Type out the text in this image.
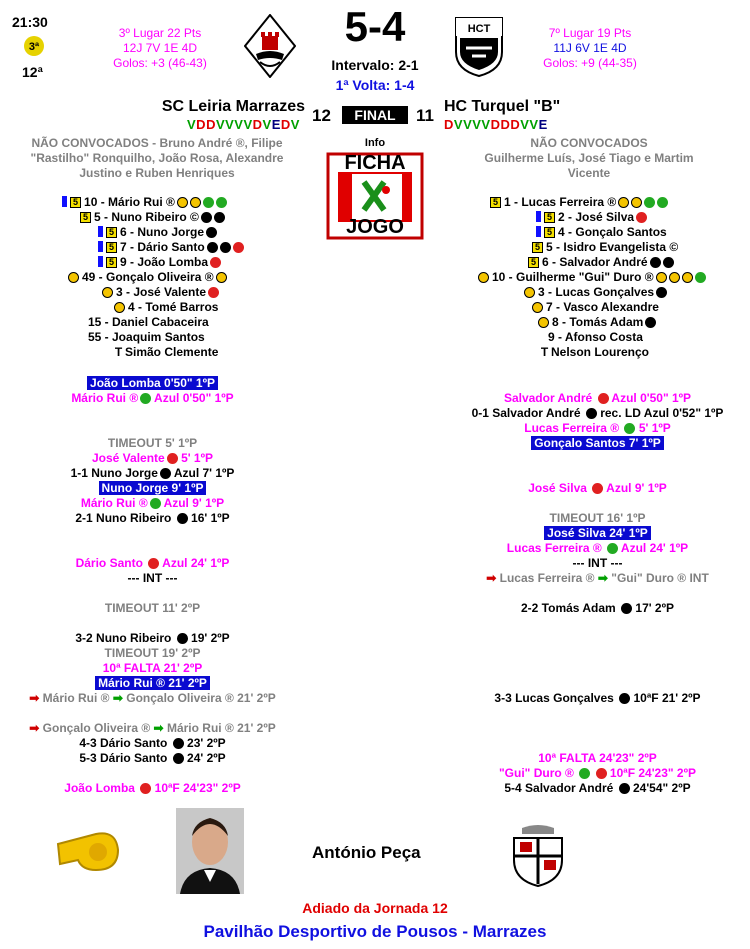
21:30
3ª
12ª
3º Lugar 22 Pts
12J 7V 1E 4D
Golos: +3 (46-43)
5-4
Intervalo: 2-1
1ª Volta: 1-4
HCT	7º Lugar 19 Pts
11J 6V 1E 4D
Golos: +9 (44-35)
SC Leiria Marrazes 12	FINAL	11 HC Turquel "B"
VDDVVVVDVEDV	DVVVVDDDVVE
Info
FICHA
JOGO
NÃO CONVOCADOS - Bruno André ®, Filipe "Rastilho" Ronquilho, João Rosa, Alexandre Justino e Ruben Henriques
NÃO CONVOCADOS
Guilherme Luís, José Tiago e Martim Vicente
5 10 - Mário Rui ®
5 5 - Nuno Ribeiro ©
5 6 - Nuno Jorge
5 7 - Dário Santo
5 9 - João Lomba
49 - Gonçalo Oliveira ®
3 - José Valente
4 - Tomé Barros
15 - Daniel Cabaceira
55 - Joaquim Santos
T Simão Clemente
5 1 - Lucas Ferreira ®
5 2 - José Silva
5 4 - Gonçalo Santos
5 5 - Isidro Evangelista ©
5 6 - Salvador André
10 - Guilherme "Gui" Duro ®
3 - Lucas Gonçalves
7 - Vasco Alexandre
8 - Tomás Adam
9 - Afonso Costa
T Nelson Lourenço
João Lomba 0'50" 1ºP
Mário Rui ® Azul 0'50" 1ºP
TIMEOUT 5' 1ºP
José Valente 5' 1ºP
1-1 Nuno Jorge Azul 7' 1ºP
Nuno Jorge 9' 1ºP
Mário Rui ® Azul 9' 1ºP
2-1 Nuno Ribeiro 16' 1ºP
Dário Santo Azul 24' 1ºP
--- INT ---
TIMEOUT 11' 2ºP
3-2 Nuno Ribeiro 19' 2ºP
TIMEOUT 19' 2ºP
10ª FALTA 21' 2ºP
Mário Rui ® 21' 2ºP
➡ Mário Rui ® ➡ Gonçalo Oliveira ® 21' 2ºP
➡ Gonçalo Oliveira ® ➡ Mário Rui ® 21' 2ºP
4-3 Dário Santo 23' 2ºP
5-3 Dário Santo 24' 2ºP
João Lomba 10ªF 24'23" 2ºP
Salvador André Azul 0'50" 1ºP
0-1 Salvador André rec. LD Azul 0'52" 1ºP
Lucas Ferreira ® 5' 1ºP
Gonçalo Santos 7' 1ºP
José Silva Azul 9' 1ºP
TIMEOUT 16' 1ºP
José Silva 24' 1ºP
Lucas Ferreira ® Azul 24' 1ºP
--- INT ---
➡ Lucas Ferreira ® ➡ "Gui" Duro ® INT
2-2 Tomás Adam 17' 2ºP
3-3 Lucas Gonçalves 10ªF 21' 2ºP
10ª FALTA 24'23" 2ºP
"Gui" Duro ®	10ªF 24'23" 2ºP
5-4 Salvador André 24'54" 2ºP
António Peça
Adiado da Jornada 12
Pavilhão Desportivo de Pousos - Marrazes
